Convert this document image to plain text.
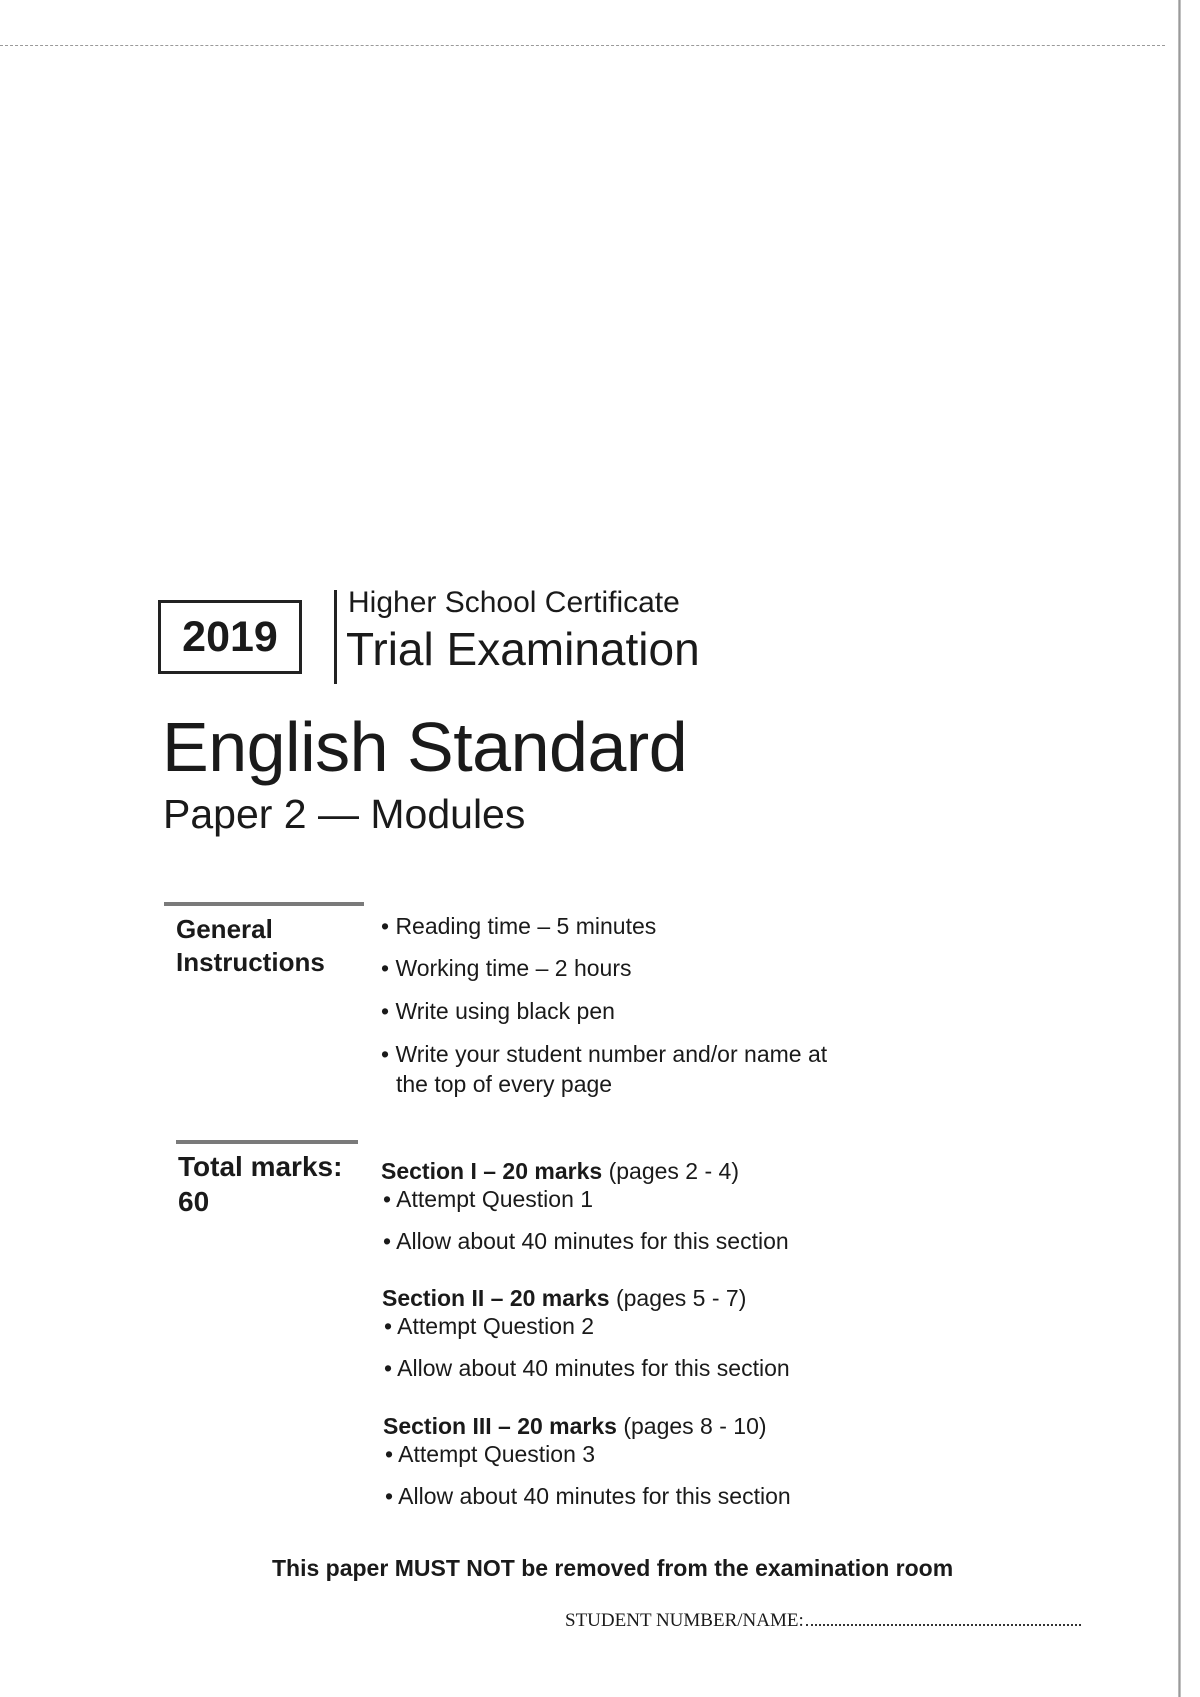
2019
Higher School Certificate
Trial Examination
English Standard
Paper 2 — Modules
General
Instructions
• Reading time – 5 minutes
• Working time – 2 hours
• Write using black pen
• Write your student number and/or name at
the top of every page
Total marks:
60
Section I – 20 marks (pages 2 - 4)
• Attempt Question 1
• Allow about 40 minutes for this section
Section II – 20 marks (pages 5 - 7)
• Attempt Question 2
• Allow about 40 minutes for this section
Section III – 20 marks (pages 8 - 10)
• Attempt Question 3
• Allow about 40 minutes for this section
This paper MUST NOT be removed from the examination room
STUDENT NUMBER/NAME:
